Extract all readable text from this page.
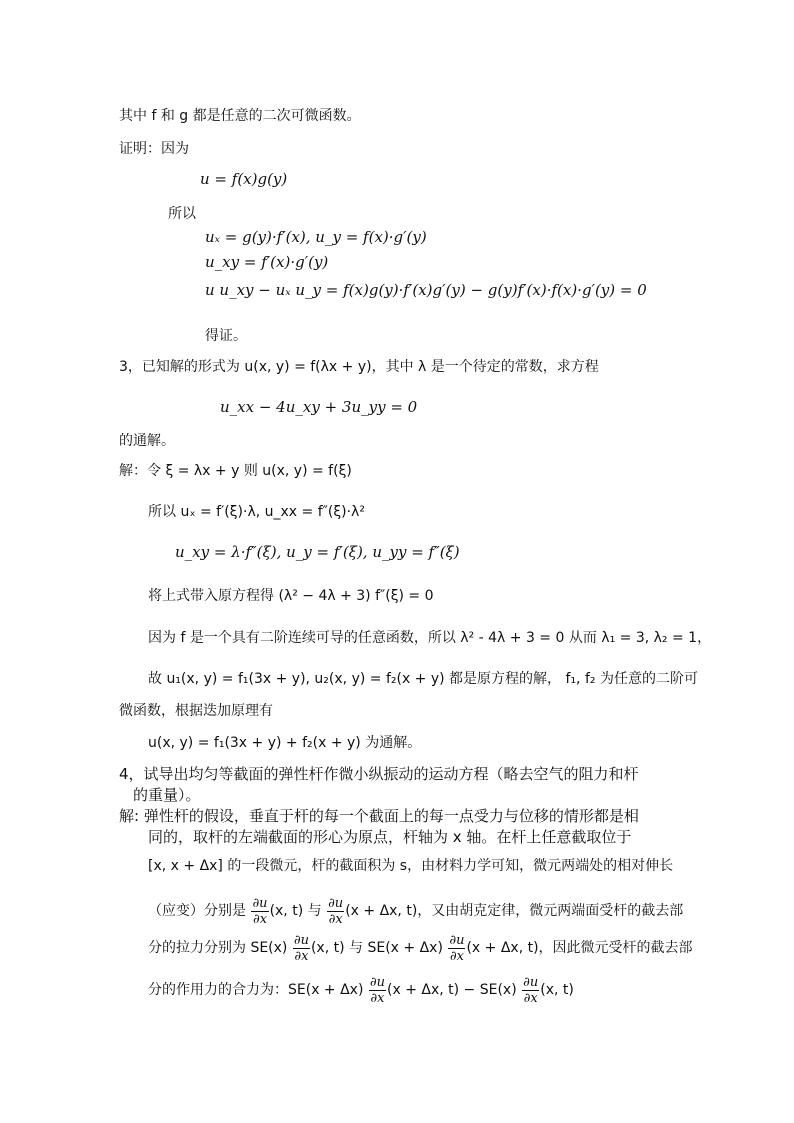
其中 f 和 g 都是任意的二次可微函数。
证明：因为
u = f(x)g(y)
所以
uₓ = g(y)·f′(x), u_y = f(x)·g′(y)
u_xy = f′(x)·g′(y)
u u_xy − uₓ u_y = f(x)g(y)·f′(x)g′(y) − g(y)f′(x)·f(x)·g′(y) = 0
得证。
3，已知解的形式为 u(x, y) = f(λx + y)，其中 λ 是一个待定的常数，求方程
u_xx − 4u_xy + 3u_yy = 0
的通解。
解：令 ξ = λx + y 则 u(x, y) = f(ξ)
所以 uₓ = f′(ξ)·λ, u_xx = f″(ξ)·λ²
u_xy = λ·f″(ξ), u_y = f′(ξ), u_yy = f″(ξ)
将上式带入原方程得 (λ² − 4λ + 3) f″(ξ) = 0
因为 f 是一个具有二阶连续可导的任意函数，所以 λ² - 4λ + 3 = 0 从而 λ₁ = 3, λ₂ = 1，
故 u₁(x, y) = f₁(3x + y), u₂(x, y) = f₂(x + y) 都是原方程的解， f₁, f₂ 为任意的二阶可
微函数，根据迭加原理有
u(x, y) = f₁(3x + y) + f₂(x + y) 为通解。
4，试导出均匀等截面的弹性杆作微小纵振动的运动方程（略去空气的阻力和杆
的重量）。
解: 弹性杆的假设，垂直于杆的每一个截面上的每一点受力与位移的情形都是相
同的，取杆的左端截面的形心为原点，杆轴为 x 轴。在杆上任意截取位于
[x, x + Δx] 的一段微元，杆的截面积为 s，由材料力学可知，微元两端处的相对伸长
（应变）分别是 $\frac{\partial u}{\partial x} (x$, t) 与 $\frac{\partial u}{\partial x} (x + \Delta x$, t)，又由胡克定律，微元两端面受杆的截去部
分的拉力分别为 $SE(x) \frac{\partial u}{\partial x} (x$, t) 与 $SE(x + \Delta x) \frac{\partial u}{\partial x} (x + \Delta x$, t)，因此微元受杆的截去部
分的作用力的合力为：$SE(x + \Delta x) \frac{\partial u}{\partial x} (x + \Delta x$, $t) - SE(x) \frac{\partial u}{\partial x} (x$, t)
